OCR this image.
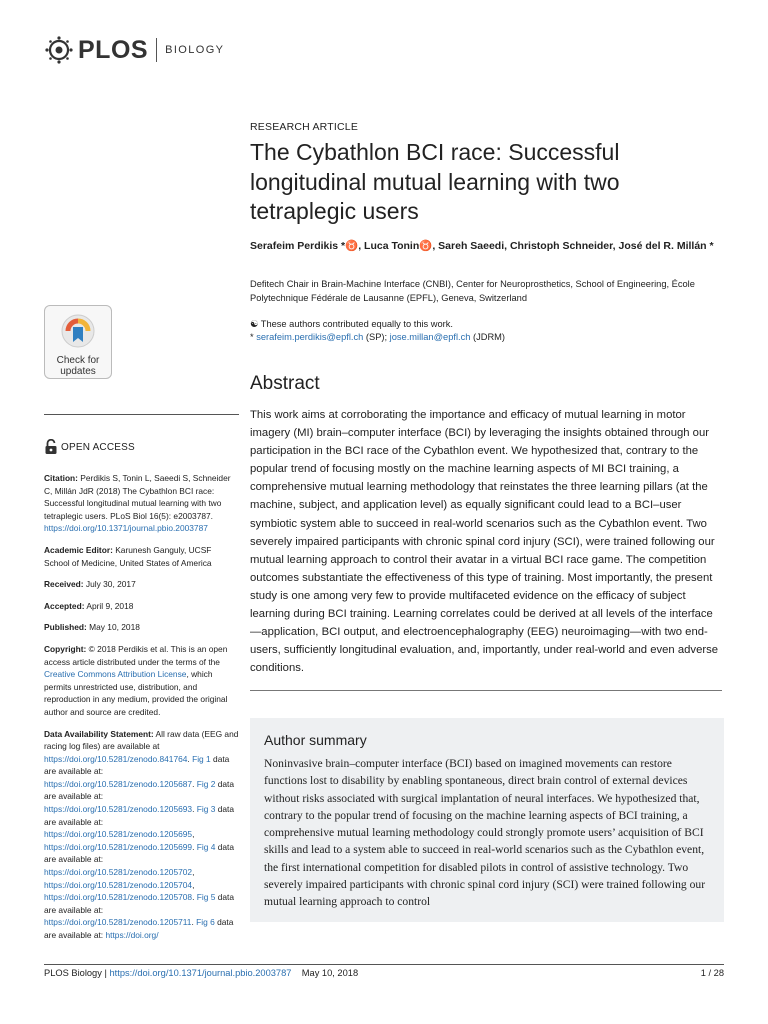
PLOS BIOLOGY
Check for
updates
OPEN ACCESS

Citation: Perdikis S, Tonin L, Saeedi S, Schneider C, Millán JdR (2018) The Cybathlon BCI race: Successful longitudinal mutual learning with two tetraplegic users. PLoS Biol 16(5): e2003787. https://doi.org/10.1371/journal.pbio.2003787

Academic Editor: Karunesh Ganguly, UCSF School of Medicine, United States of America

Received: July 30, 2017

Accepted: April 9, 2018

Published: May 10, 2018

Copyright: © 2018 Perdikis et al. This is an open access article distributed under the terms of the Creative Commons Attribution License, which permits unrestricted use, distribution, and reproduction in any medium, provided the original author and source are credited.

Data Availability Statement: All raw data (EEG and racing log files) are available at https://doi.org/10.5281/zenodo.841764. Fig 1 data are available at: https://doi.org/10.5281/zenodo.1205687. Fig 2 data are available at: https://doi.org/10.5281/zenodo.1205693. Fig 3 data are available at: https://doi.org/10.5281/zenodo.1205695, https://doi.org/10.5281/zenodo.1205699. Fig 4 data are available at: https://doi.org/10.5281/zenodo.1205702, https://doi.org/10.5281/zenodo.1205704, https://doi.org/10.5281/zenodo.1205708. Fig 5 data are available at: https://doi.org/10.5281/zenodo.1205711. Fig 6 data are available at: https://doi.org/

RESEARCH ARTICLE
The Cybathlon BCI race: Successful longitudinal mutual learning with two tetraplegic users
Serafeim Perdikis *♉, Luca Tonin♉, Sareh Saeedi, Christoph Schneider, José del R. Millán *
Defitech Chair in Brain-Machine Interface (CNBI), Center for Neuroprosthetics, School of Engineering, École Polytechnique Fédérale de Lausanne (EPFL), Geneva, Switzerland
☯ These authors contributed equally to this work.
* serafeim.perdikis@epfl.ch (SP); jose.millan@epfl.ch (JDRM)
Abstract

This work aims at corroborating the importance and efficacy of mutual learning in motor imagery (MI) brain–computer interface (BCI) by leveraging the insights obtained through our participation in the BCI race of the Cybathlon event. We hypothesized that, contrary to the popular trend of focusing mostly on the machine learning aspects of MI BCI training, a comprehensive mutual learning methodology that reinstates the three learning pillars (at the machine, subject, and application level) as equally significant could lead to a BCI–user symbiotic system able to succeed in real-world scenarios such as the Cybathlon event. Two severely impaired participants with chronic spinal cord injury (SCI), were trained following our mutual learning approach to control their avatar in a virtual BCI race game. The competition outcomes substantiate the effectiveness of this type of training. Most importantly, the present study is one among very few to provide multifaceted evidence on the efficacy of subject learning during BCI training. Learning correlates could be derived at all levels of the interface—application, BCI output, and electroencephalography (EEG) neuroimaging—with two end-users, sufficiently longitudinal evaluation, and, importantly, under real-world and even adverse conditions.

Author summary

Noninvasive brain–computer interface (BCI) based on imagined movements can restore functions lost to disability by enabling spontaneous, direct brain control of external devices without risks associated with surgical implantation of neural interfaces. We hypothesized that, contrary to the popular trend of focusing on the machine learning aspects of BCI training, a comprehensive mutual learning methodology could strongly promote users’ acquisition of BCI skills and lead to a system able to succeed in real-world scenarios such as the Cybathlon event, the first international competition for disabled pilots in control of assistive technology. Two severely impaired participants with chronic spinal cord injury (SCI) were trained following our mutual learning approach to control

PLOS Biology | https://doi.org/10.1371/journal.pbio.2003787 May 10, 2018	1 / 28
